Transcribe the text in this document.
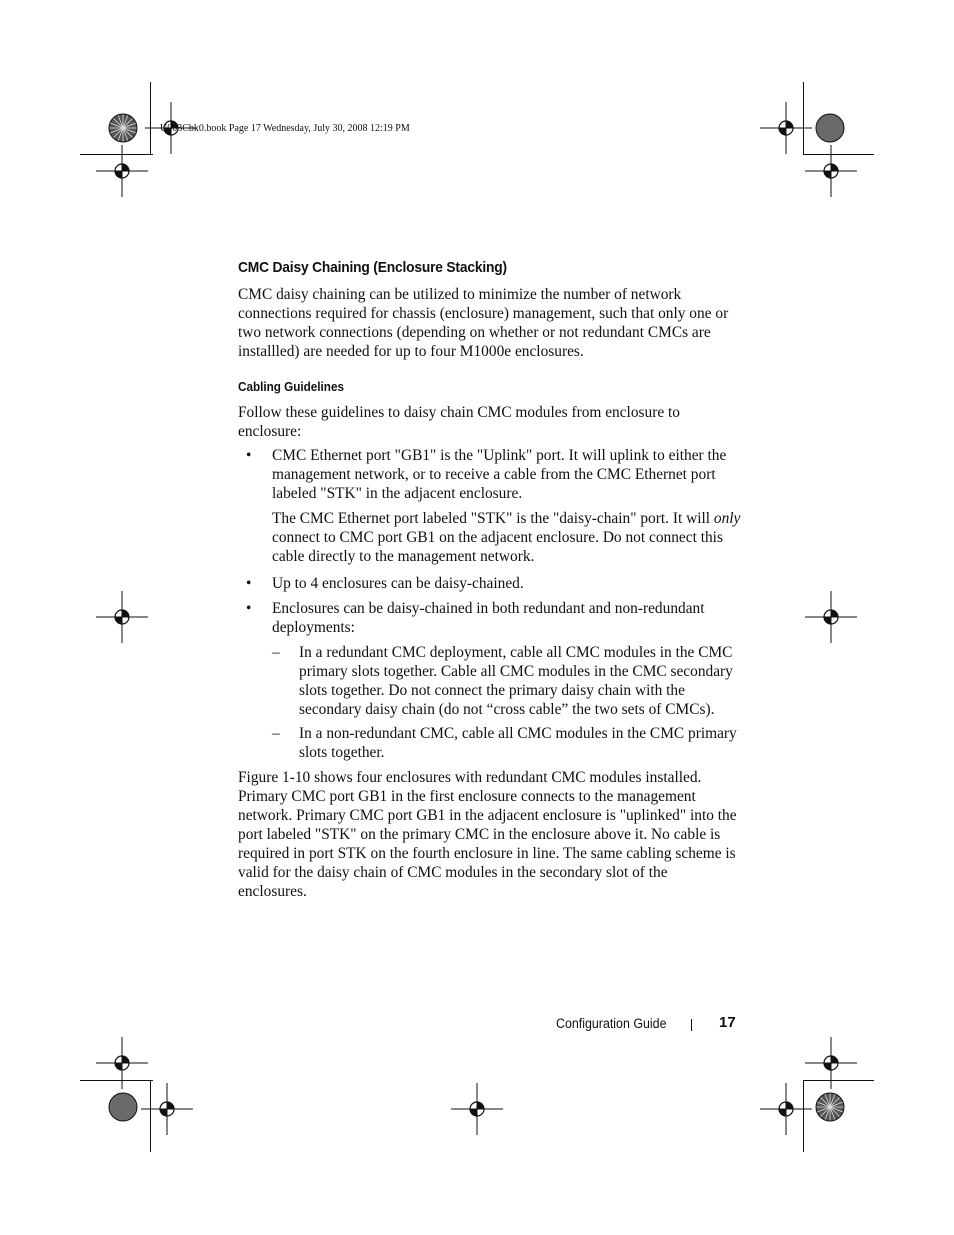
U003Cbk0.book Page 17 Wednesday, July 30, 2008 12:19 PM
CMC Daisy Chaining (Enclosure Stacking)

CMC daisy chaining can be utilized to minimize the number of network connections required for chassis (enclosure) management, such that only one or two network connections (depending on whether or not redundant CMCs are installled) are needed for up to four M1000e enclosures.

Cabling Guidelines

Follow these guidelines to daisy chain CMC modules from enclosure to enclosure:

• CMC Ethernet port "GB1" is the "Uplink" port. It will uplink to either the management network, or to receive a cable from the CMC Ethernet port labeled "STK" in the adjacent enclosure.
The CMC Ethernet port labeled "STK" is the "daisy-chain" port. It will only connect to CMC port GB1 on the adjacent enclosure. Do not connect this cable directly to the management network.
• Up to 4 enclosures can be daisy-chained.
• Enclosures can be daisy-chained in both redundant and non-redundant deployments:
– In a redundant CMC deployment, cable all CMC modules in the CMC primary slots together. Cable all CMC modules in the CMC secondary slots together. Do not connect the primary daisy chain with the secondary daisy chain (do not “cross cable” the two sets of CMCs).
– In a non-redundant CMC, cable all CMC modules in the CMC primary slots together.

Figure 1-10 shows four enclosures with redundant CMC modules installed. Primary CMC port GB1 in the first enclosure connects to the management network. Primary CMC port GB1 in the adjacent enclosure is "uplinked" into the port labeled "STK" on the primary CMC in the enclosure above it. No cable is required in port STK on the fourth enclosure in line. The same cabling scheme is valid for the daisy chain of CMC modules in the secondary slot of the enclosures.

Configuration Guide	17
